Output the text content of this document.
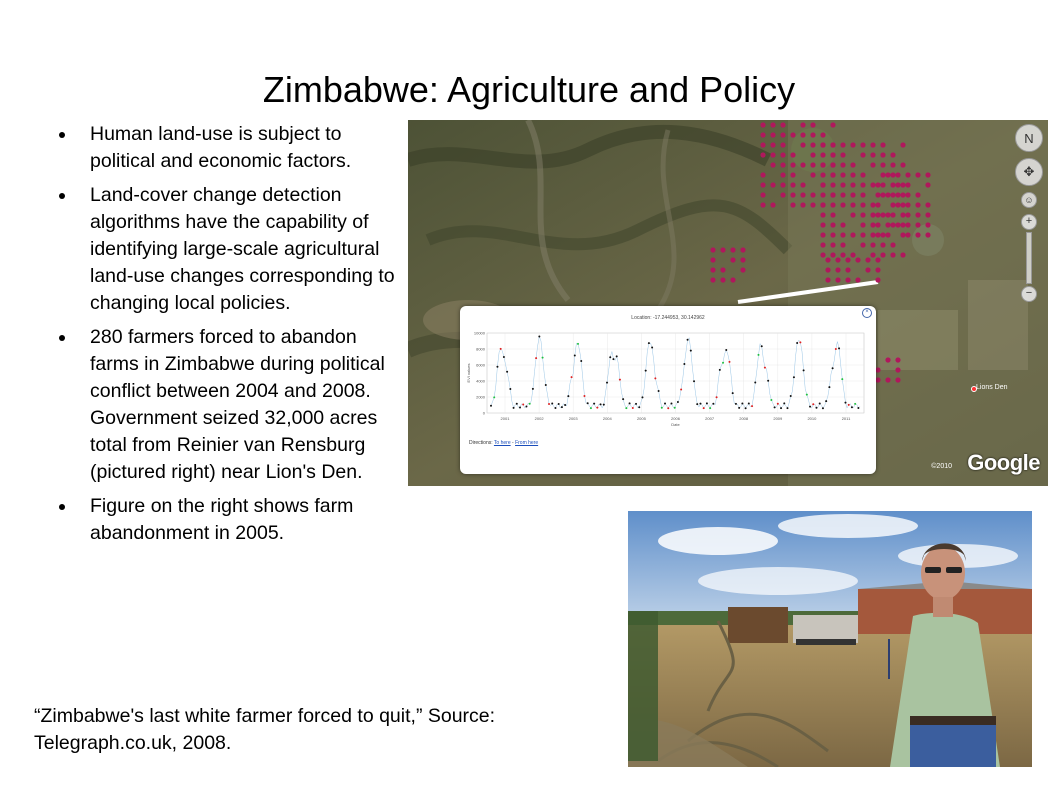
Zimbabwe: Agriculture and Policy
Human land-use is subject to political and economic factors.
Land-cover change detection algorithms have the capability of identifying large-scale agricultural land-use changes corresponding to changing local policies.
280 farmers forced to abandon farms in Zimbabwe during political conflict between 2004 and 2008. Government seized 32,000 acres total from Reinier van Rensburg (pictured right) near Lion's Den.
Figure on the right shows farm abandonment in 2005.
“Zimbabwe's last white farmer forced to quit,” Source: Telegraph.co.uk, 2008.
N
✥
☺
+
−
Lions Den
©2010 Google
Location: -17.244953, 30.142962
×
0
2000
4000
6000
8000
10000
2001	2002	2003	2004	2005	2006	2007	2008	2009	2010	2011
Date
EVI values
Directions: To here - From here
